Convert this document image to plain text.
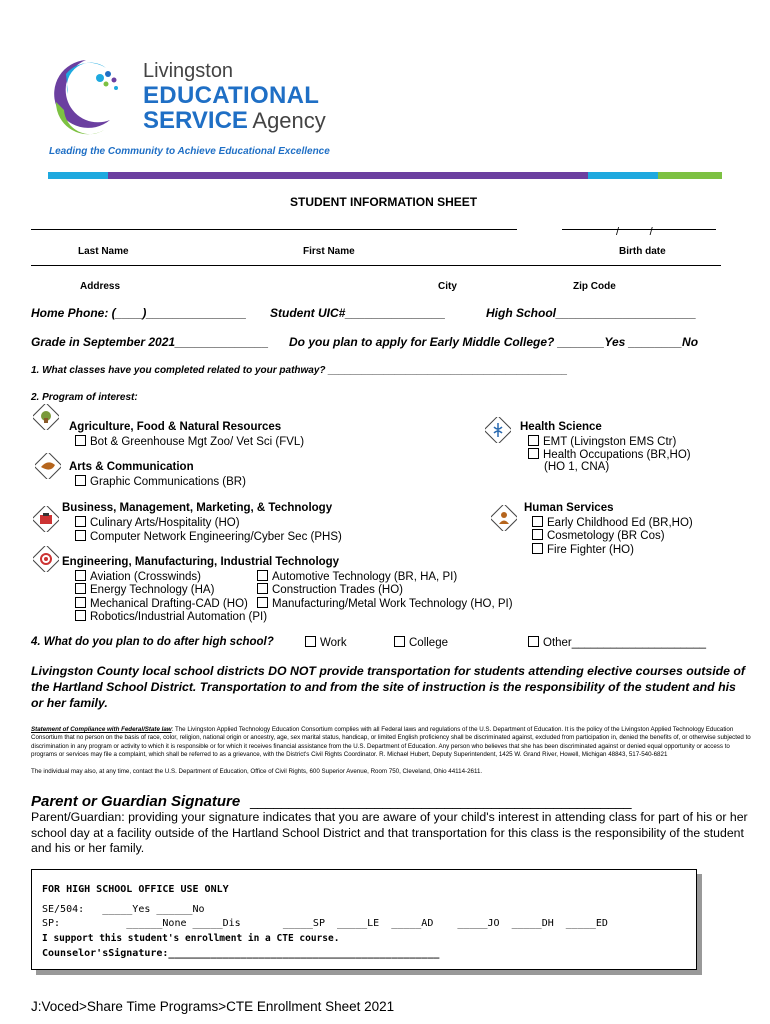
Livingston
EDUCATIONAL
SERVICE Agency
Leading the Community to Achieve Educational Excellence
STUDENT INFORMATION SHEET
/          /
Last Name	First Name	Birth date
Address	City	Zip Code
Home Phone: (____)_______________ Student UIC#_______________	High School_____________________
Grade in September 2021______________ Do you plan to apply for Early Middle College? _______Yes ________No
1. What classes have you completed related to your pathway? ___________________________________________
2. Program of interest:
Agriculture, Food & Natural Resources
Bot & Greenhouse Mgt Zoo/ Vet Sci (FVL)
Arts & Communication
Graphic Communications (BR)
Business, Management, Marketing, & Technology
Culinary Arts/Hospitality (HO)
Computer Network Engineering/Cyber Sec (PHS)
Engineering, Manufacturing, Industrial Technology
Aviation (Crosswinds)
Energy Technology (HA)
Mechanical Drafting-CAD (HO)
Robotics/Industrial Automation (PI)
Automotive Technology (BR, HA, PI)
Construction Trades (HO)
Manufacturing/Metal Work Technology (HO, PI)
Health Science
EMT (Livingston EMS Ctr)
Health Occupations (BR,HO)
(HO 1, CNA)
Human Services
Early Childhood Ed (BR,HO)
Cosmetology (BR Cos)
Fire Fighter (HO)
4. What do you plan to do after high school?	Work	College	Other_____________________
Livingston County local school districts DO NOT provide transportation for students attending elective courses outside of the Hartland School District. Transportation to and from the site of instruction is the responsibility of the student and his or her family.
Statement of Compliance with Federal/State law: The Livingston Applied Technology Education Consortium complies with all Federal laws and regulations of the U.S. Department of Education. It is the policy of the Livingston Applied Technology Education Consortium that no person on the basis of race, color, religion, national origin or ancestry, age, sex marital status, handicap, or limited English proficiency shall be discriminated against, excluded from participation in, denied the benefits of, or otherwise subjected to discrimination in any program or activity to which it is responsible or for which it receives financial assistance from the U.S. Department of Education. Any person who believes that she has been discriminated against or denied equal opportunity or access to programs or services may file a complaint, which shall be referred to as a grievance, with the District's Civil Rights Coordinator. R. Michael Hubert, Deputy Superintendent, 1425 W. Grand River, Howell, Michigan 48843, 517-540-6821
The individual may also, at any time, contact the U.S. Department of Education, Office of Civil Rights, 600 Superior Avenue, Room 750, Cleveland, Ohio 44114-2611.
Parent or Guardian Signature _________________________________________________
Parent/Guardian: providing your signature indicates that you are aware of your child's interest in attending class for part of his or her school day at a facility outside of the Hartland School District and that transportation for this class is the responsibility of the student and his or her family.
FOR HIGH SCHOOL OFFICE USE ONLY
SE/504:   _____Yes ______No
SP:           ______None _____Dis       _____SP  _____LE  _____AD    _____JO  _____DH  _____ED
I support this student's enrollment in a CTE course.
Counselor'sSignature:_____________________________________________
J:Voced>Share Time Programs>CTE Enrollment Sheet 2021
